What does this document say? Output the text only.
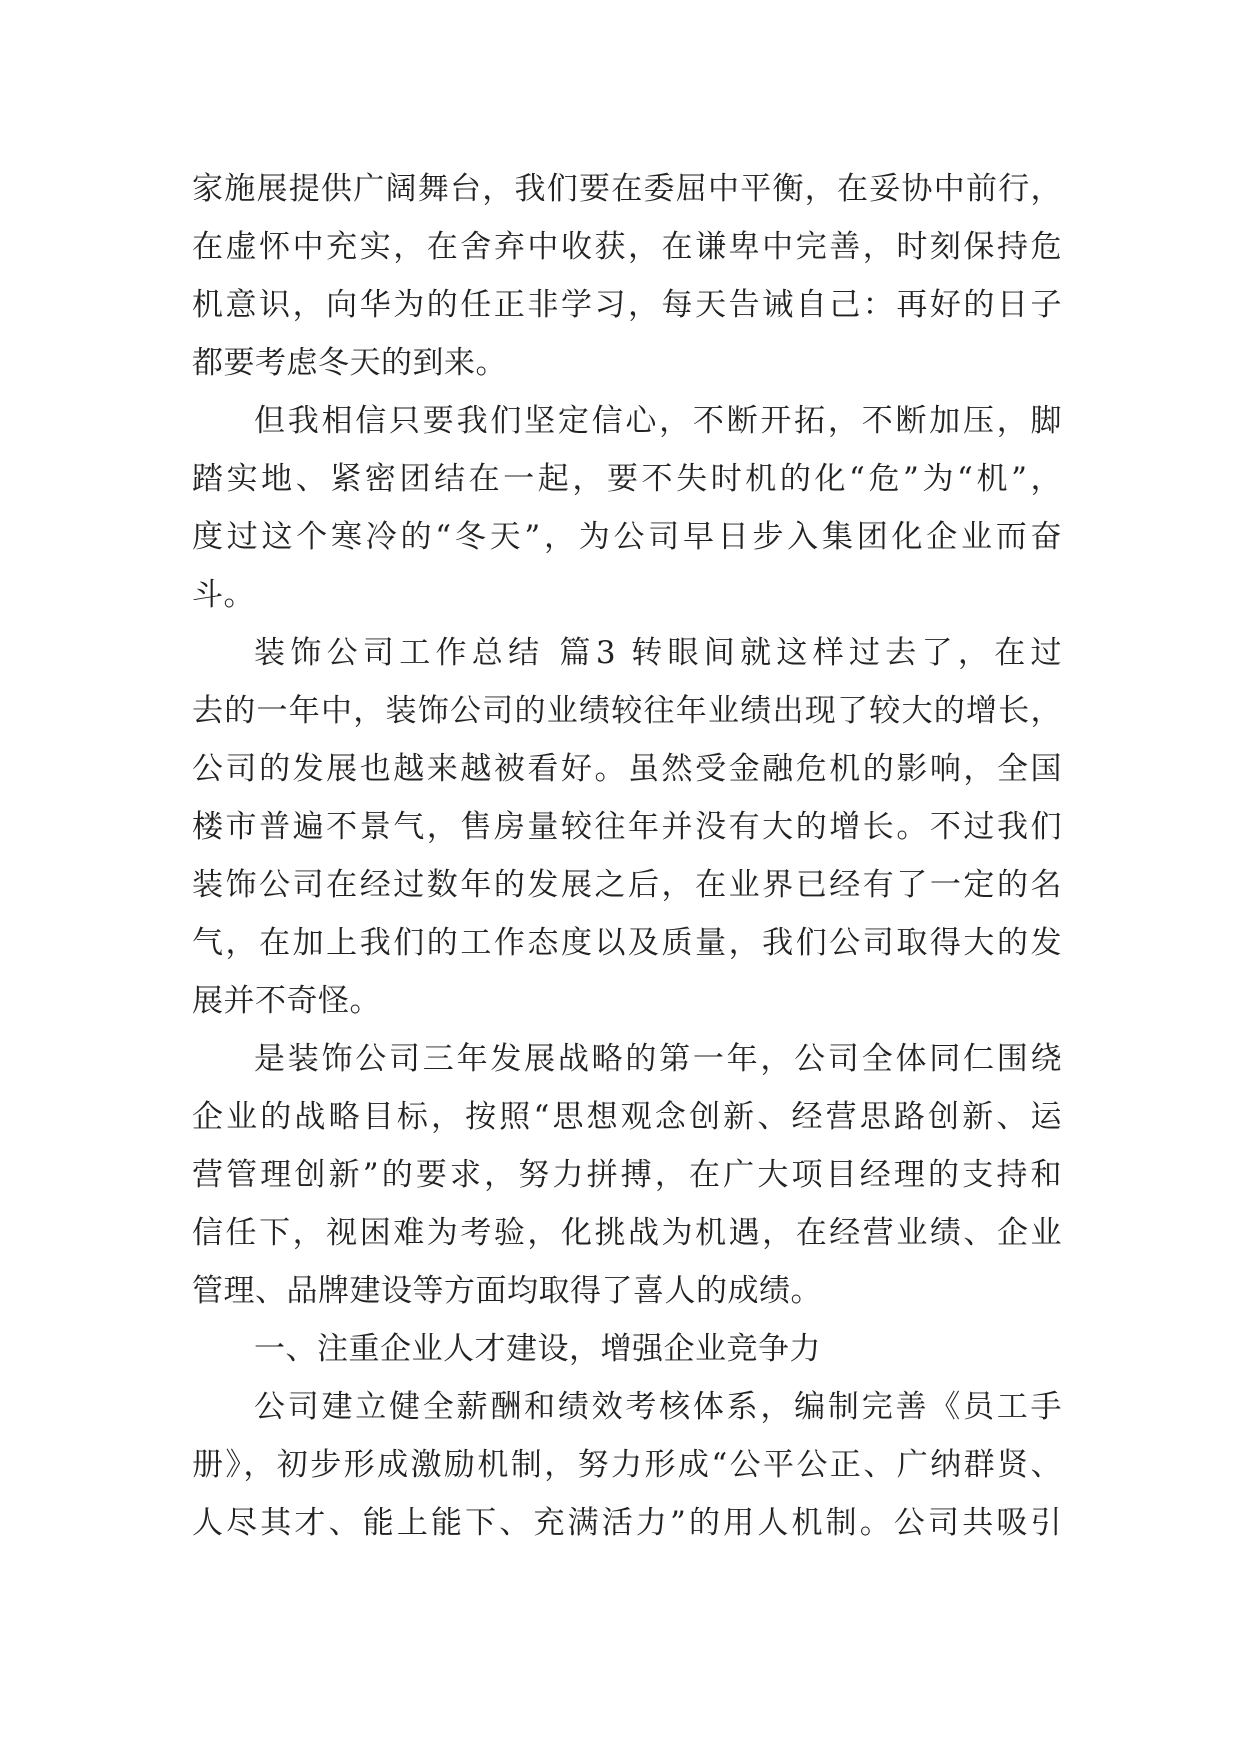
家施展提供广阔舞台，我们要在委屈中平衡，在妥协中前行，
在虚怀中充实，在舍弃中收获，在谦卑中完善，时刻保持危
机意识，向华为的任正非学习，每天告诫自己：再好的日子
都要考虑冬天的到来。
但我相信只要我们坚定信心，不断开拓，不断加压，脚
踏实地、紧密团结在一起，要不失时机的化“危”为“机”，
度过这个寒冷的“冬天”，为公司早日步入集团化企业而奋
斗。
装饰公司工作总结 篇3 转眼间就这样过去了，在过
去的一年中，装饰公司的业绩较往年业绩出现了较大的增长，
公司的发展也越来越被看好。虽然受金融危机的影响，全国
楼市普遍不景气，售房量较往年并没有大的增长。不过我们
装饰公司在经过数年的发展之后，在业界已经有了一定的名
气，在加上我们的工作态度以及质量，我们公司取得大的发
展并不奇怪。
是装饰公司三年发展战略的第一年，公司全体同仁围绕
企业的战略目标，按照“思想观念创新、经营思路创新、运
营管理创新”的要求，努力拼搏，在广大项目经理的支持和
信任下，视困难为考验，化挑战为机遇，在经营业绩、企业
管理、品牌建设等方面均取得了喜人的成绩。
一、注重企业人才建设，增强企业竞争力
公司建立健全薪酬和绩效考核体系，编制完善《员工手
册》，初步形成激励机制，努力形成“公平公正、广纳群贤、
人尽其才、能上能下、充满活力”的用人机制。公司共吸引
